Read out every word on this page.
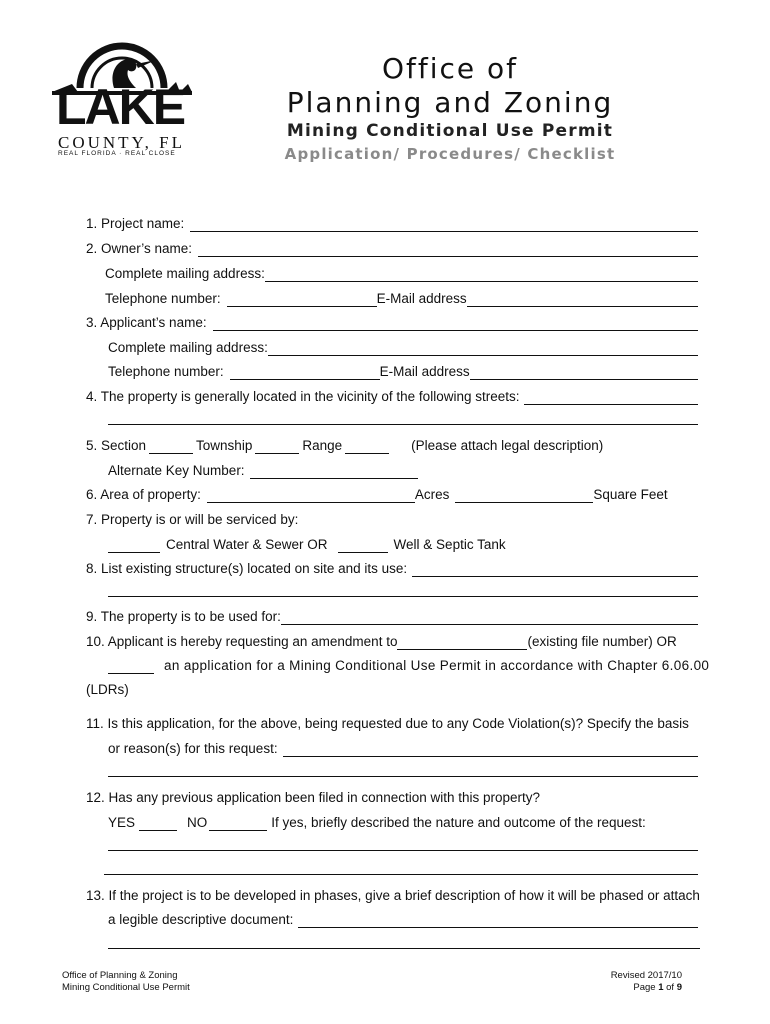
LAKE
COUNTY, FL
REAL FLORIDA · REAL CLOSE
Office of
Planning and Zoning
Mining Conditional Use Permit
Application/ Procedures/ Checklist
1. Project name:
2. Owner’s name:
Complete mailing address:
Telephone number:	E-Mail address
3. Applicant’s name:
Complete mailing address:
Telephone number:	E-Mail address
4. The property is generally located in the vicinity of the following streets:
5. Section	Township	Range	(Please attach legal description)
Alternate Key Number:
6. Area of property:	Acres	Square Feet
7. Property is or will be serviced by:
Central Water & Sewer OR	Well & Septic Tank
8. List existing structure(s) located on site and its use:
9. The property is to be used for:
10. Applicant is hereby requesting an amendment to	(existing file number) OR
an application for a Mining Conditional Use Permit in accordance with Chapter 6.06.00
(LDRs)
11. Is this application, for the above, being requested due to any Code Violation(s)? Specify the basis
or reason(s) for this request:
12. Has any previous application been filed in connection with this property?
YES	NO	If yes, briefly described the nature and outcome of the request:
13. If the project is to be developed in phases, give a brief description of how it will be phased or attach
a legible descriptive document:
Office of Planning & Zoning
Mining Conditional Use Permit
Revised 2017/10
Page 1 of 9
